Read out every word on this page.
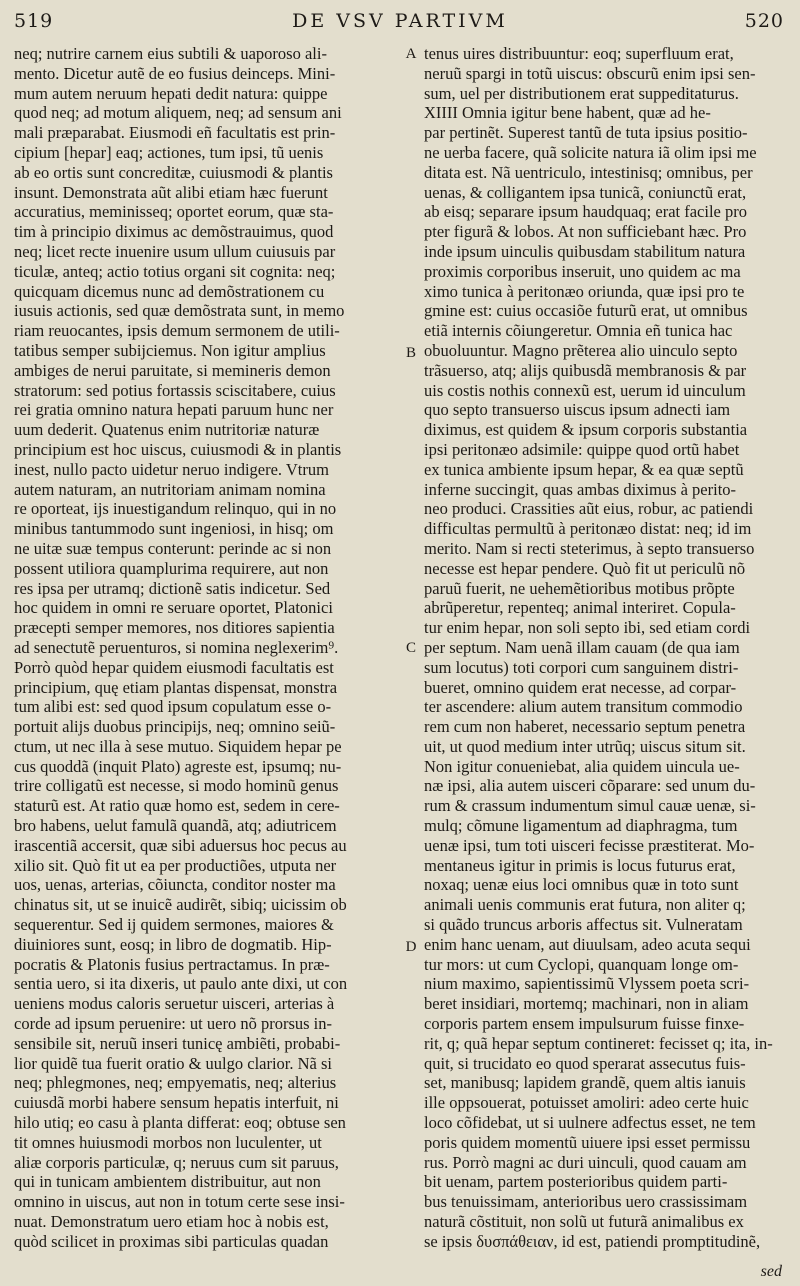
519	DE VSV PARTIVM	520
neq; nutrire carnem eius subtili & uaporoso ali-
mento. Dicetur autẽ de eo fusius deinceps. Mini-
mum autem neruum hepati dedit natura: quippe
quod neq; ad motum aliquem, neq; ad sensum ani
mali præparabat. Eiusmodi eñ facultatis est prin-
cipium [hepar] eaq; actiones, tum ipsi, tũ uenis
ab eo ortis sunt concreditæ, cuiusmodi & plantis
insunt. Demonstrata aũt alibi etiam hæc fuerunt
accuratius, meminisseq; oportet eorum, quæ sta-
tim à principio diximus ac demõstrauimus, quod
neq; licet recte inuenire usum ullum cuiusuis par
ticulæ, anteq; actio totius organi sit cognita: neq;
quicquam dicemus nunc ad demõstrationem cu
iusuis actionis, sed quæ demõstrata sunt, in memo
riam reuocantes, ipsis demum sermonem de utili-
tatibus semper subijciemus. Non igitur amplius
ambiges de nerui paruitate, si memineris demon
stratorum: sed potius fortassis sciscitabere, cuius
rei gratia omnino natura hepati paruum hunc ner
uum dederit. Quatenus enim nutritoriæ naturæ
principium est hoc uiscus, cuiusmodi & in plantis
inest, nullo pacto uidetur neruo indigere. Vtrum
autem naturam, an nutritoriam animam nomina
re oporteat, ijs inuestigandum relinquo, qui in no
minibus tantummodo sunt ingeniosi, in hisq; om
ne uitæ suæ tempus conterunt: perinde ac si non
possent utiliora quamplurima requirere, aut non
res ipsa per utramq; dictionẽ satis indicetur. Sed
hoc quidem in omni re seruare oportet, Platonici
præcepti semper memores, nos ditiores sapientia
ad senectutẽ peruenturos, si nomina neglexerim⁹.
Porrò quòd hepar quidem eiusmodi facultatis est
principium, quę etiam plantas dispensat, monstra
tum alibi est: sed quod ipsum copulatum esse o-
portuit alijs duobus principijs, neq; omnino seiũ-
ctum, ut nec illa à sese mutuo. Siquidem hepar pe
cus quoddã (inquit Plato) agreste est, ipsumq; nu-
trire colligatũ est necesse, si modo hominũ genus
staturũ est. At ratio quæ homo est, sedem in cere-
bro habens, uelut famulã quandã, atq; adiutricem
irascentiã accersit, quæ sibi aduersus hoc pecus au
xilio sit. Quò fit ut ea per productiões, utputa ner
uos, uenas, arterias, cõiuncta, conditor noster ma
chinatus sit, ut se inuicẽ audirẽt, sibiq; uicissim ob
sequerentur. Sed ij quidem sermones, maiores &
diuiniores sunt, eosq; in libro de dogmatib. Hip-
pocratis & Platonis fusius pertractamus. In præ-
sentia uero, si ita dixeris, ut paulo ante dixi, ut con
ueniens modus caloris seruetur uisceri, arterias à
corde ad ipsum peruenire: ut uero nõ prorsus in-
sensibile sit, neruũ inseri tunicę ambiẽti, probabi-
lior quidẽ tua fuerit oratio & uulgo clarior. Nã si
neq; phlegmones, neq; empyematis, neq; alterius
cuiusdã morbi habere sensum hepatis interfuit, ni
hilo utiq; eo casu à planta differat: eoq; obtuse sen
tit omnes huiusmodi morbos non luculenter, ut
aliæ corporis particulæ, q; neruus cum sit paruus,
qui in tunicam ambientem distribuitur, aut non
omnino in uiscus, aut non in totum certe sese insi-
nuat. Demonstratum uero etiam hoc à nobis est,
quòd scilicet in proximas sibi particulas quadan
A
B
C
D
tenus uires distribuuntur: eoq; superfluum erat,
neruũ spargi in totũ uiscus: obscurũ enim ipsi sen-
sum, uel per distributionem erat suppeditaturus.
XIIII Omnia igitur bene habent, quæ ad he-
par pertinẽt. Superest tantũ de tuta ipsius positio-
ne uerba facere, quã solicite natura iã olim ipsi me
ditata est. Nã uentriculo, intestinisq; omnibus, per
uenas, & colligantem ipsa tunicã, coniunctũ erat,
ab eisq; separare ipsum haudquaq; erat facile pro
pter figurã & lobos. At non sufficiebant hæc. Pro
inde ipsum uinculis quibusdam stabilitum natura
proximis corporibus inseruit, uno quidem ac ma
ximo tunica à peritonæo oriunda, quæ ipsi pro te
gmine est: cuius occasiõe futurũ erat, ut omnibus
etiã internis cõiungeretur. Omnia eñ tunica hac
obuoluuntur. Magno prẽterea alio uinculo septo
trãsuerso, atq; alijs quibusdã membranosis & par
uis costis nothis connexũ est, uerum id uinculum
quo septo transuerso uiscus ipsum adnecti iam
diximus, est quidem & ipsum corporis substantia
ipsi peritonæo adsimile: quippe quod ortũ habet
ex tunica ambiente ipsum hepar, & ea quæ septũ
inferne succingit, quas ambas diximus à perito-
neo produci. Crassities aũt eius, robur, ac patiendi
difficultas permultũ à peritonæo distat: neq; id im
merito. Nam si recti steterimus, à septo transuerso
necesse est hepar pendere. Quò fit ut periculũ nõ
paruũ fuerit, ne uehemẽtioribus motibus prõpte
abrũperetur, repenteq; animal interiret. Copula-
tur enim hepar, non soli septo ibi, sed etiam cordi
per septum. Nam uenã illam cauam (de qua iam
sum locutus) toti corpori cum sanguinem distri-
bueret, omnino quidem erat necesse, ad corpar-
ter ascendere: alium autem transitum commodio
rem cum non haberet, necessario septum penetra
uit, ut quod medium inter utrũq; uiscus situm sit.
Non igitur conueniebat, alia quidem uincula ue-
næ ipsi, alia autem uisceri cõparare: sed unum du-
rum & crassum indumentum simul cauæ uenæ, si-
mulq; cõmune ligamentum ad diaphragma, tum
uenæ ipsi, tum toti uisceri fecisse præstiterat. Mo-
mentaneus igitur in primis is locus futurus erat,
noxaq; uenæ eius loci omnibus quæ in toto sunt
animali uenis communis erat futura, non aliter q;
si quãdo truncus arboris affectus sit. Vulneratam
enim hanc uenam, aut diuulsam, adeo acuta sequi
tur mors: ut cum Cyclopi, quanquam longe om-
nium maximo, sapientissimũ Vlyssem poeta scri-
beret insidiari, mortemq; machinari, non in aliam
corporis partem ensem impulsurum fuisse finxe-
rit, q; quã hepar septum contineret: fecisset q; ita, in-
quit, si trucidato eo quod sperarat assecutus fuis-
set, manibusq; lapidem grandẽ, quem altis ianuis
ille oppsouerat, potuisset amoliri: adeo certe huic
loco cõfidebat, ut si uulnere adfectus esset, ne tem
poris quidem momentũ uiuere ipsi esset permissu
rus. Porrò magni ac duri uinculi, quod cauam am
bit uenam, partem posterioribus quidem parti-
bus tenuissimam, anterioribus uero crassissimam
naturã cõstituit, non solũ ut futurã animalibus ex
se ipsis δυσπάθειαν, id est, patiendi promptitudinẽ,
sed
